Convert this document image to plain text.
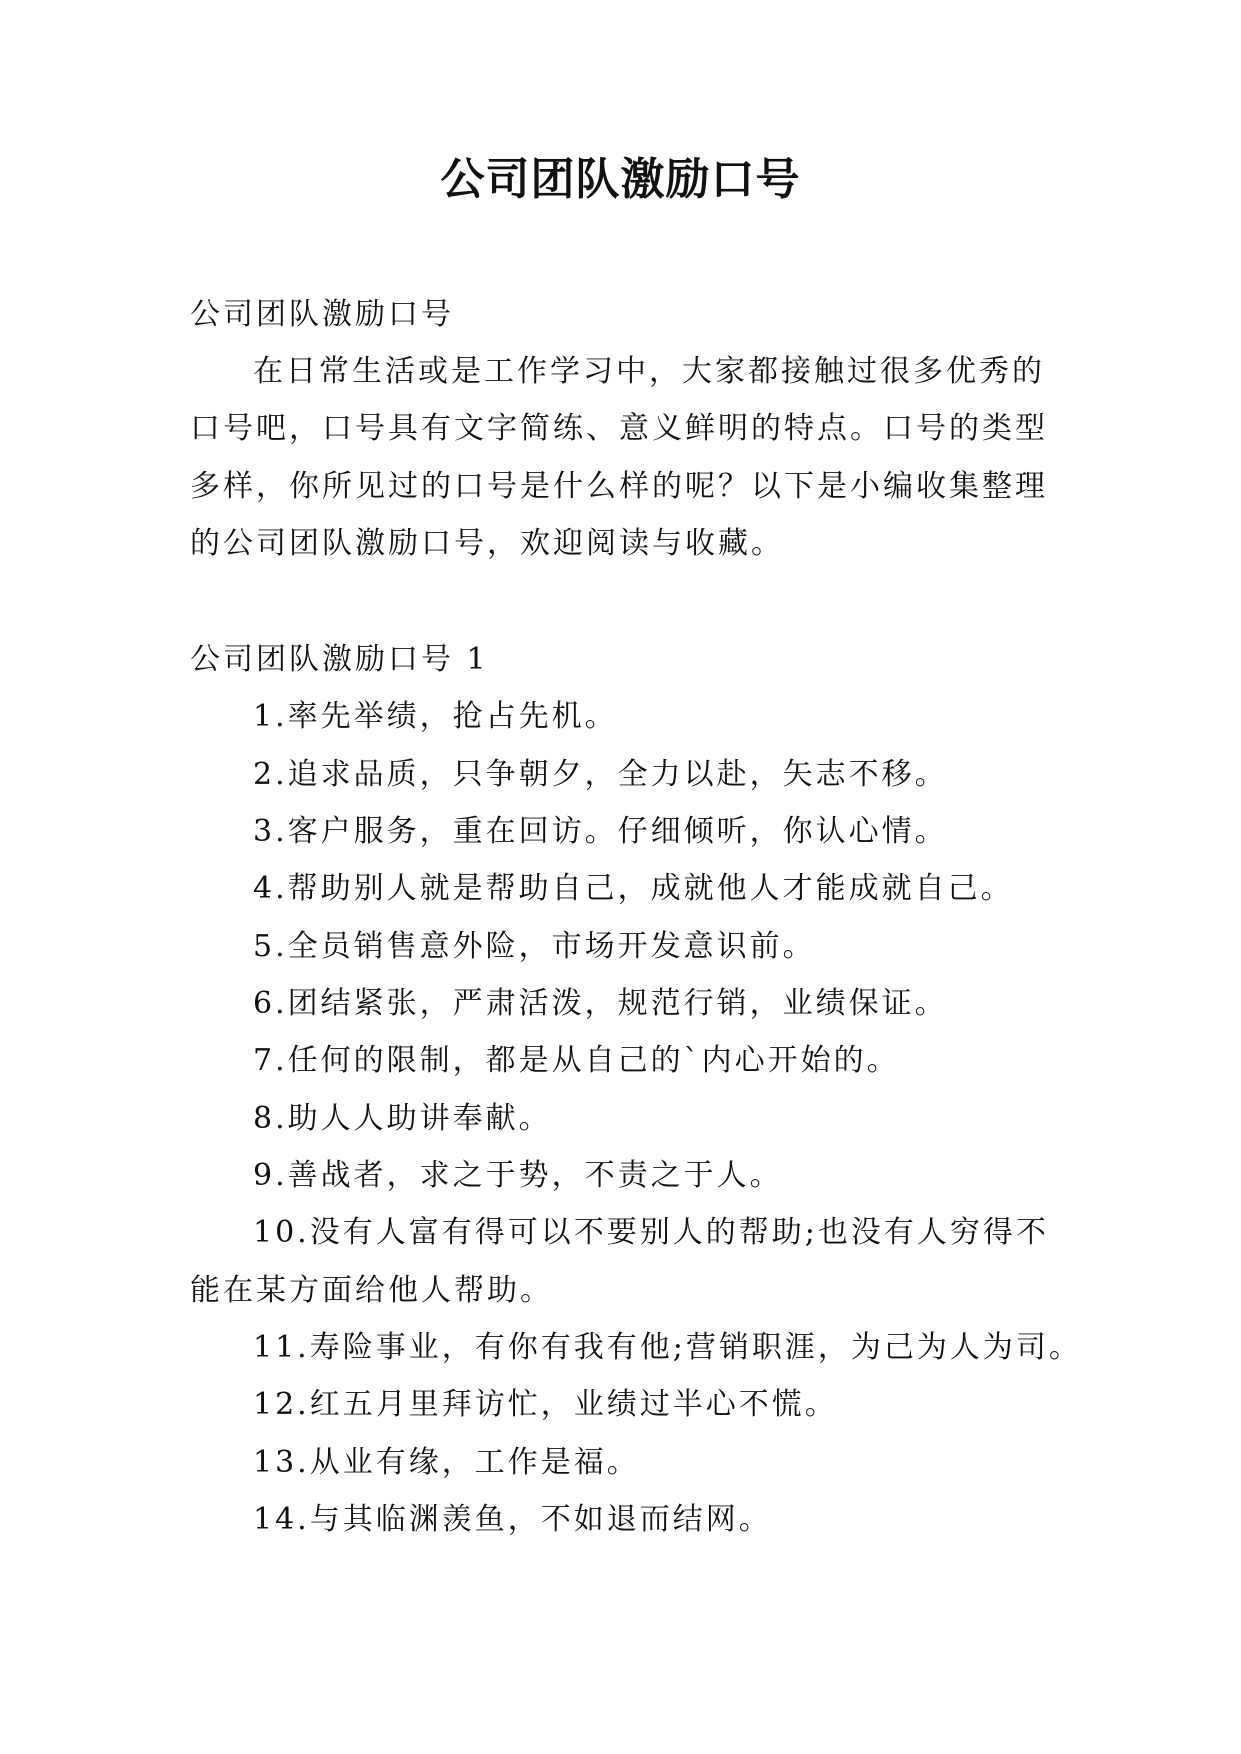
公司团队激励口号

公司团队激励口号

在日常生活或是工作学习中，大家都接触过很多优秀的

口号吧，口号具有文字简练、意义鲜明的特点。口号的类型

多样，你所见过的口号是什么样的呢？以下是小编收集整理

的公司团队激励口号，欢迎阅读与收藏。

公司团队激励口号 1

1.率先举绩，抢占先机。

2.追求品质，只争朝夕，全力以赴，矢志不移。

3.客户服务，重在回访。仔细倾听，你认心情。

4.帮助别人就是帮助自己，成就他人才能成就自己。

5.全员销售意外险，市场开发意识前。

6.团结紧张，严肃活泼，规范行销，业绩保证。

7.任何的限制，都是从自己的`内心开始的。

8.助人人助讲奉献。

9.善战者，求之于势，不责之于人。

10.没有人富有得可以不要别人的帮助;也没有人穷得不

能在某方面给他人帮助。

11.寿险事业，有你有我有他;营销职涯，为己为人为司。

12.红五月里拜访忙，业绩过半心不慌。

13.从业有缘，工作是福。

14.与其临渊羡鱼，不如退而结网。
